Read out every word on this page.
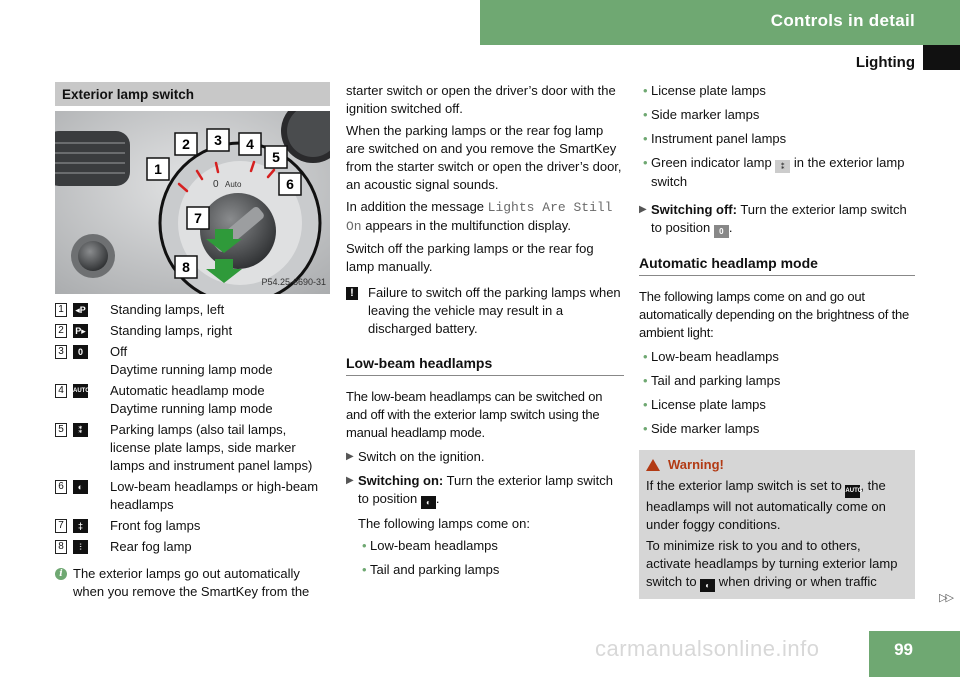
Controls in detail
Lighting
Exterior lamp switch
0 Auto
1
2 3 4
5
6
7
8
P54.25-6690-31
1	◂P Standing lamps, left
2	P▸ Standing lamps, right
3	0	Off
Daytime running lamp mode
4	AUTO Automatic headlamp mode
Daytime running lamp mode
5	⁑	Parking lamps (also tail lamps, license plate lamps, side marker lamps and instrument panel lamps)
6	◐	Low-beam headlamps or high-beam headlamps
7	‡	Front fog lamps
8	⫶	Rear fog lamp
i The exterior lamps go out automatically when you remove the SmartKey from the

starter switch or open the driver’s door with the ignition switched off.

When the parking lamps or the rear fog lamp are switched on and you remove the SmartKey from the starter switch or open the driver’s door, an acoustic signal sounds.

In addition the message Lights Are Still On appears in the multifunction display.

Switch off the parking lamps or the rear fog lamp manually.

!	Failure to switch off the parking lamps when leaving the vehicle may result in a discharged battery.
Low-beam headlamps

The low-beam headlamps can be switched on and off with the exterior lamp switch using the manual headlamp mode.

▶ Switch on the ignition.
▶ Switching on: Turn the exterior lamp switch to position ◐ .

The following lamps come on:

• Low-beam headlamps
• Tail and parking lamps
• License plate lamps
• Side marker lamps
• Instrument panel lamps
• Green indicator lamp ⁑ in the exterior lamp switch
▶ Switching off: Turn the exterior lamp switch to position 0 .
Automatic headlamp mode

The following lamps come on and go out automatically depending on the brightness of the ambient light:

• Low-beam headlamps
• Tail and parking lamps
• License plate lamps
• Side marker lamps
Warning!

If the exterior lamp switch is set to AUTO, the headlamps will not automatically come on under foggy conditions.

To minimize risk to you and to others, activate headlamps by turning exterior lamp switch to ◐ when driving or when traffic

▷▷
carmanualsonline.info	99
